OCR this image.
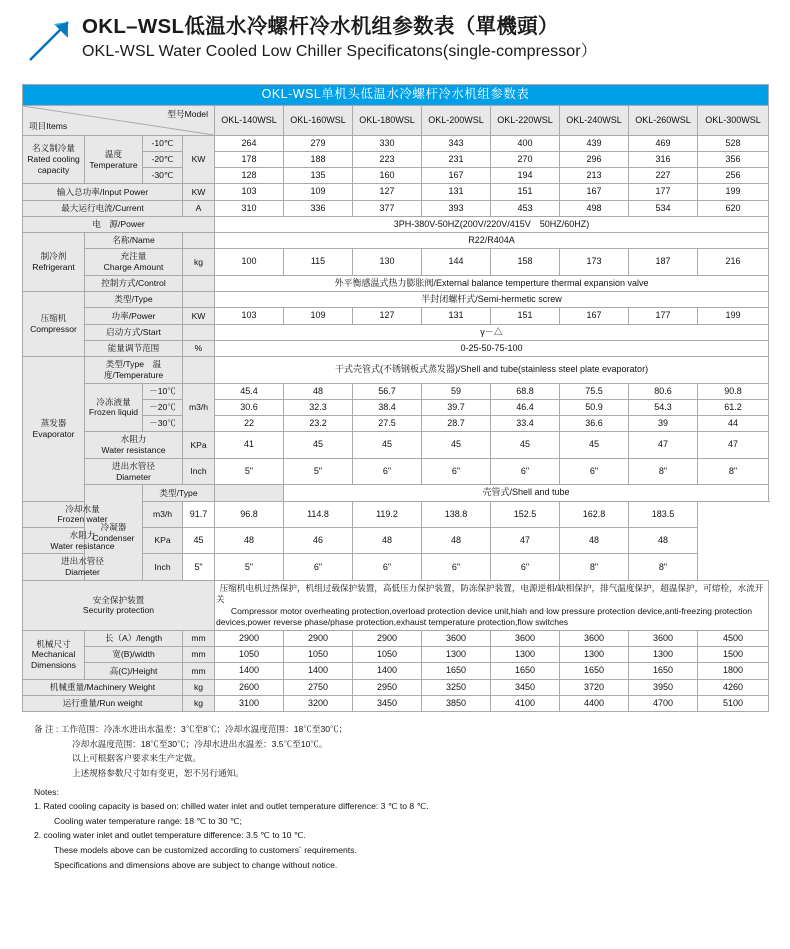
OKL–WSL低温水冷螺杆冷水机组参数表（單機頭）
OKL-WSL Water Cooled Low Chiller Specificatons(single-compressor）
OKL-WSL单机头低温水冷螺杆冷水机组参数表											

项目Items
型号Model				OKL-140WSL	OKL-160WSL	OKL-180WSL	OKL-200WSL	OKL-220WSL	OKL-240WSL	OKL-260WSL	OKL-300WSL

名义制冷量
Rated cooling
capacity

温度
Temperature
	-10℃	KW	264	279	330	343	400	439	469	528
		-20℃		178	188	223	231	270	296	316	356
		-30℃		128	135	160	167	194	213	227	256
输入总功率/Input Power			KW	103	109	127	131	151	167	177	199
最大运行电流/Current			A	310	336	377	393	453	498	534	620
电　源/Power				3PH-380V-50HZ(200V/220V/415V　50HZ/60HZ)							

制冷剂
Refrigerant	名称/Name			R22/R404A							

	充注量
Charge Amount		kg	100	115	130	144	158	173	187	216
	控制方式/Control			外平衡感温式热力膨胀阀/External balance temperture thermal expansion valve							

压缩机
Compressor	类型/Type			半封闭螺杆式/Semi-hermetic screw							
	功率/Power		KW	103	109	127	131	151	167	177	199
	启动方式/Start			γ－△							
	能量调节范围		%	0-25-50-75-100							

蒸发器
Evaporator	类型/Type　温度/Temperature			干式壳管式(不锈钢板式蒸发器)/Shell and tube(stainless steel plate evaporator)							

	冷冻液量
Frozen liquid	－10℃	m3/h	45.4	48	56.7	59	68.8	75.5	80.6	90.8
		－20℃		30.6	32.3	38.4	39.7	46.4	50.9	54.3	61.2
		－30℃		22	23.2	27.5	28.7	33.4	36.6	39	44

	水阻力
Water resistance		KPa	41	45	45	45	45	45	47	47

	进出水管径
Diameter		Inch	5"	5"	6"	6"	6"	6"	8"	8"

	冷凝器
Condenser	类型/Type			壳管式/Shell and tube						

冷却水量
Frozen water		m3/h	91.7	96.8	114.8	119.2	138.8	152.5	162.8	183.5	

水阻力
Water resistance		KPa	45	48	46	48	48	47	48	48	

进出水管径
Diameter		Inch	5"	5"	6"	6"	6"	6"	8"	8"	

安全保护装置
Security protection

压缩机电机过热保护，机组过载保护装置，高低压力保护装置，防冻保护装置，电源逆相/缺相保护，排气温度保护，超温保护，可熔栓，水流开关

Compressor motor overheating protection,overload protection device unit,hiah and low pressure protection device,anti-freezing protection devices,power reverse phase/phase protection,exhaust temperature protection,flow switches

机械尺寸
Mechanical
Dimensions	长（A）/length		mm	2900	2900	2900	3600	3600	3600	3600	4500
	宽(B)/width		mm	1050	1050	1050	1300	1300	1300	1300	1500
	高(C)/Height		mm	1400	1400	1400	1650	1650	1650	1650	1800
机械重量/Machinery Weight			kg	2600	2750	2950	3250	3450	3720	3950	4260
运行重量/Run weight			kg	3100	3200	3450	3850	4100	4400	4700	5100
备 注 : 工作范围：冷冻水进出水温差：3℃至8℃；冷却水温度范围：18℃至30℃；
冷却水温度范围：18℃至30℃；冷却水进出水温差：3.5℃至10℃。
以上可根据客户要求来生产定做。
上述规格参数尺寸如有变更，恕不另行通知。
Notes:
1. Rated cooling capacity is based on: chilled water inlet and outlet temperature difference: 3 ℃ to 8 ℃.
Cooling water temperature range: 18 ℃ to 30 ℃;
2. cooling water inlet and outlet temperature difference: 3.5 ℃ to 10 ℃.
These models above can be customized according to customers´ requirements.
Specifications and dimensions above are subject to change without notice.
